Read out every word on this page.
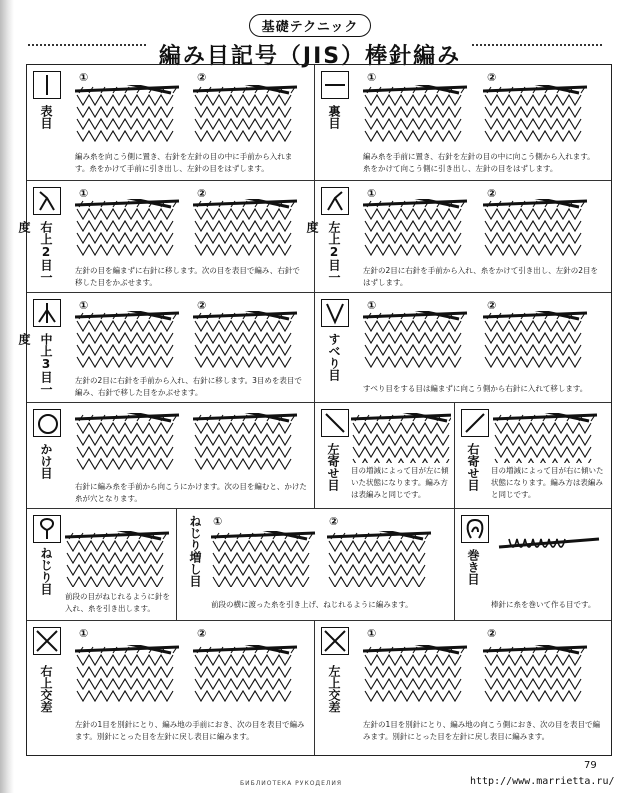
基礎テクニック
編み目記号（JIS）棒針編み
表目
①	②
編み糸を向こう側に置き、右針を左針の目の中に手前から入れます。糸をかけて手前に引き出し、左針の目をはずします。
裏目
①	②
編み糸を手前に置き、右針を左針の目の中に向こう側から入れます。糸をかけて向こう側に引き出し、左針の目をはずします。
右上2目一度
①	②
左針の目を編まずに右針に移します。次の目を表目で編み、右針で移した目をかぶせます。	左上2目一度
①	②
左針の2目に右針を手前から入れ、糸をかけて引き出し、左針の2目をはずします。
中上3目一度
①	②
左針の2目に右針を手前から入れ、右針に移します。3目めを表目で編み、右針で移した目をかぶせます。
すべり目
①	②
すべり目をする目は編まずに向こう側から右針に入れて移します。
かけ目
右針に編み糸を手前から向こうにかけます。次の目を編むと、かけた糸が穴となります。
左寄せ目 目の増減によって目が左に傾いた状態になります。編み方は表編みと同じです。
右寄せ目 目の増減によって目が右に傾いた状態になります。編み方は表編みと同じです。
ねじり目
前段の目がねじれるように針を入れ、糸を引き出します。
ねじり増し目 ①	②
前段の横に渡った糸を引き上げ、ねじれるように編みます。
巻き目
棒針に糸を巻いて作る目です。
右上交差
①	②
左針の1目を別針にとり、編み地の手前におき、次の目を表目で編みます。別針にとった目を左針に戻し表目に編みます。
左上交差
①	②
左針の1目を別針にとり、編み地の向こう側におき、次の目を表目で編みます。別針にとった目を左針に戻し表目に編みます。
79
БИБЛИОТЕКА РУКОДЕЛИЯ	http://www.marrietta.ru/
